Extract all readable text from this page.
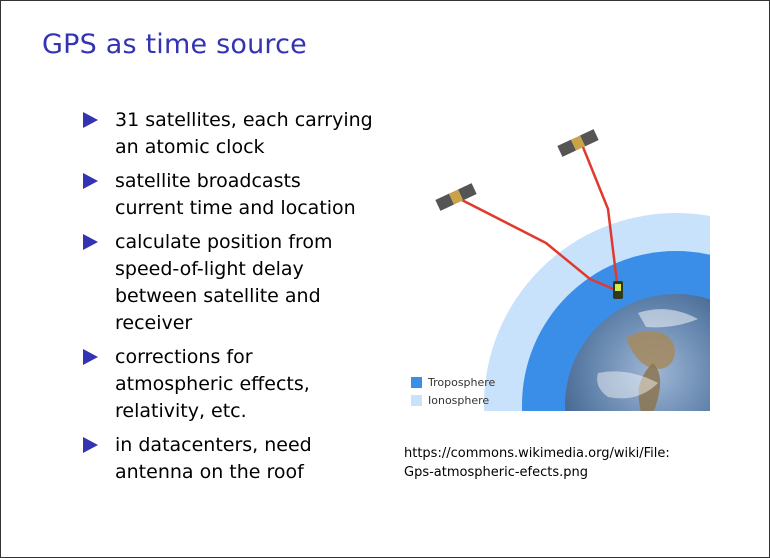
GPS as time source
31 satellites, each carrying
an atomic clock
satellite broadcasts
current time and location
calculate position from
speed-of-light delay
between satellite and
receiver
corrections for
atmospheric effects,
relativity, etc.
in datacenters, need
antenna on the roof
Troposphere
Ionosphere
https://commons.wikimedia.org/wiki/File:
Gps-atmospheric-efects.png
